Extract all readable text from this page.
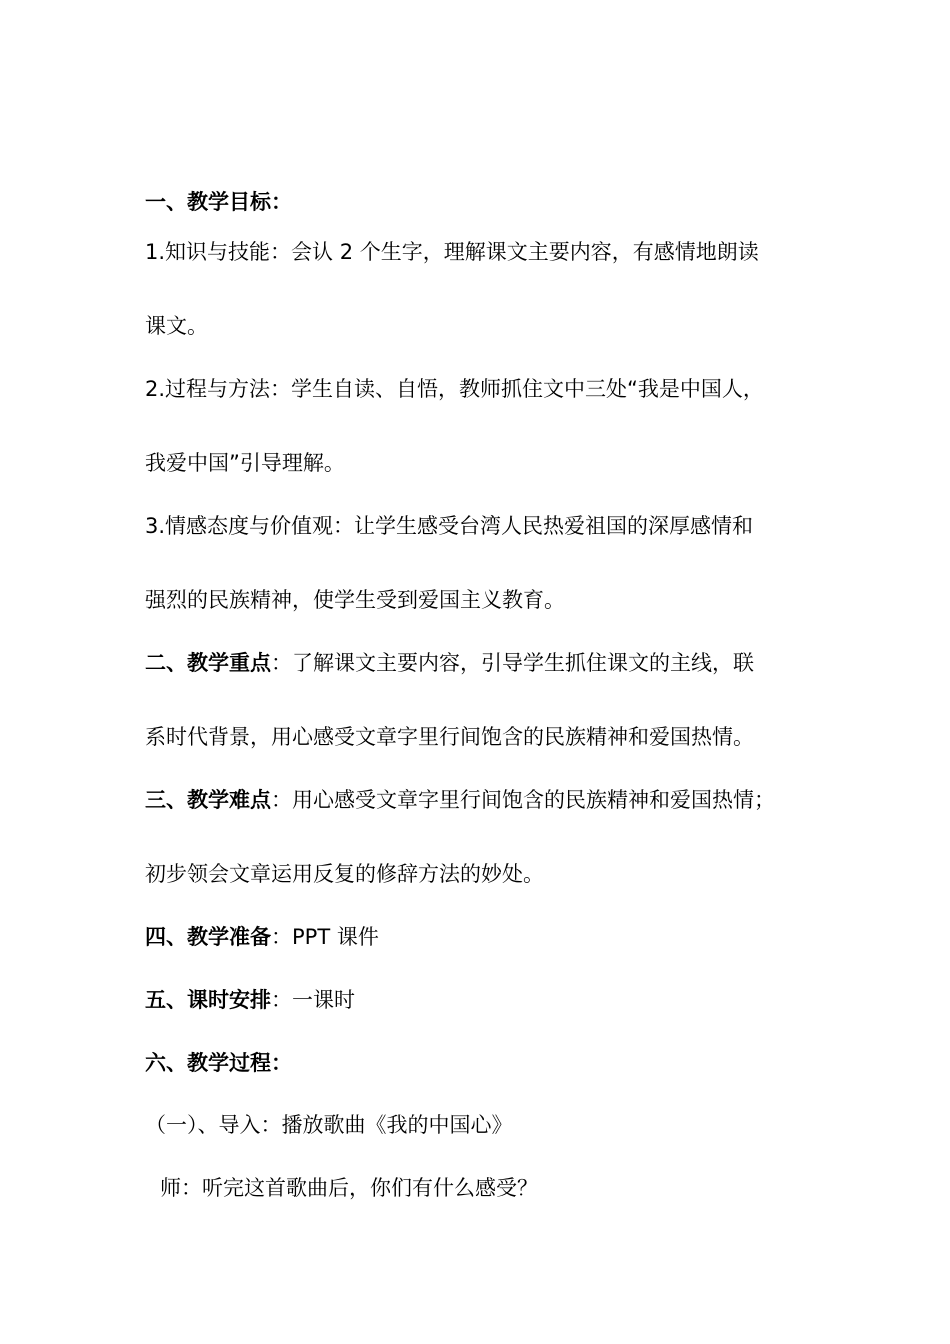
一、教学目标：
1.知识与技能：会认 2 个生字，理解课文主要内容，有感情地朗读
课文。
2.过程与方法：学生自读、自悟，教师抓住文中三处“我是中国人，
我爱中国”引导理解。
3.情感态度与价值观：让学生感受台湾人民热爱祖国的深厚感情和
强烈的民族精神，使学生受到爱国主义教育。
二、教学重点：了解课文主要内容，引导学生抓住课文的主线，联
系时代背景，用心感受文章字里行间饱含的民族精神和爱国热情。
三、教学难点：用心感受文章字里行间饱含的民族精神和爱国热情；
初步领会文章运用反复的修辞方法的妙处。
四、教学准备：PPT 课件
五、课时安排：一课时
六、教学过程：
（一）、导入：播放歌曲《我的中国心》
师：听完这首歌曲后，你们有什么感受？
